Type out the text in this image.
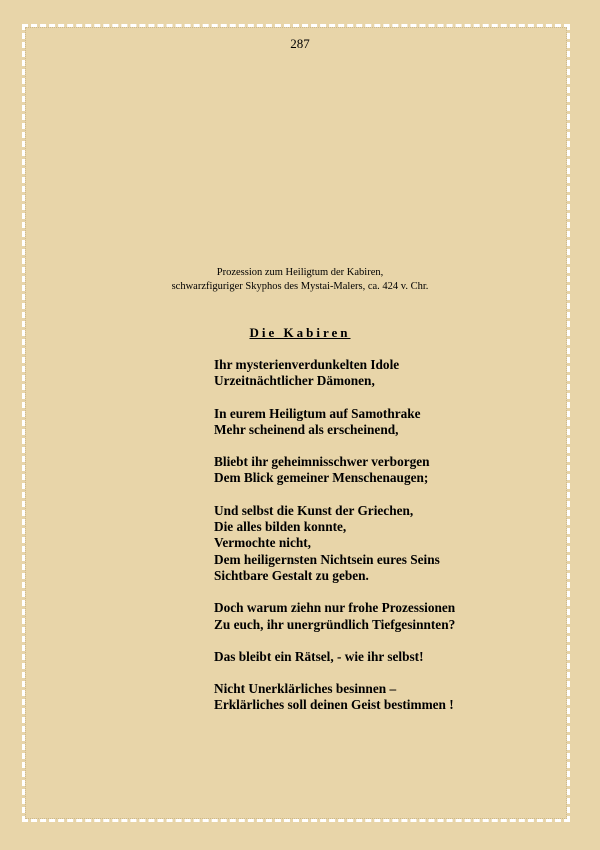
287
Prozession zum Heiligtum der Kabiren,
schwarzfiguriger Skyphos des Mystai-Malers, ca. 424 v. Chr.
Die Kabiren
Ihr mysterienverdunkelten Idole
Urzeitnächtlicher Dämonen,
In eurem Heiligtum auf Samothrake
Mehr scheinend als erscheinend,
Bliebt ihr geheimnisschwer verborgen
Dem Blick gemeiner Menschenaugen;
Und selbst die Kunst der Griechen,
Die alles bilden konnte,
Vermochte nicht,
Dem heiligernsten Nichtsein eures Seins
Sichtbare Gestalt zu geben.
Doch warum ziehn nur frohe Prozessionen
Zu euch, ihr unergründlich Tiefgesinnten?
Das bleibt ein Rätsel, - wie ihr selbst!
Nicht Unerklärliches besinnen –
Erklärliches soll deinen Geist bestimmen !
